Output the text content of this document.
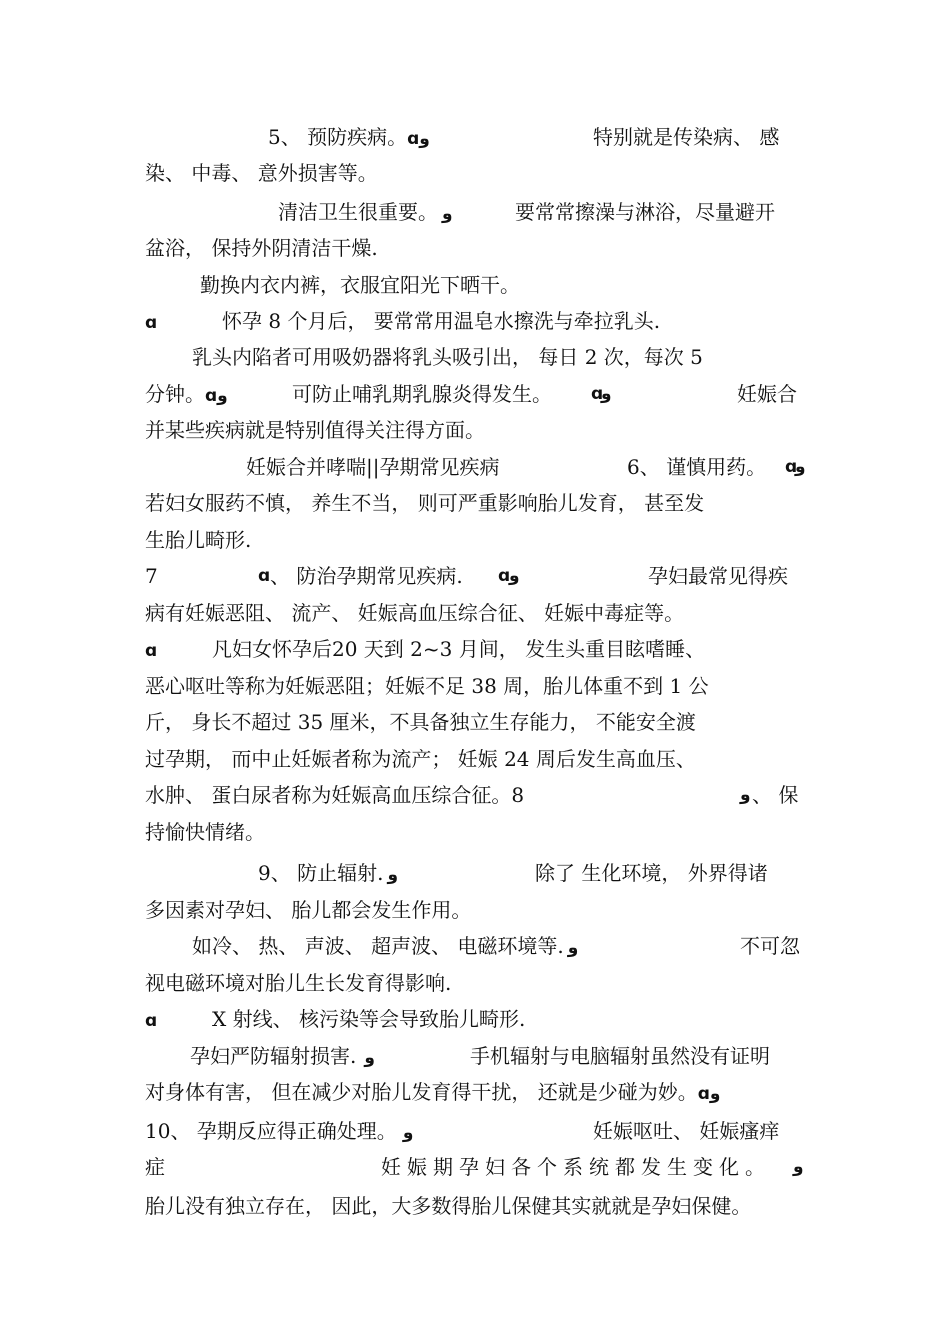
5、 预防疾病。ɑو	特别就是传染病、 感
染、 中毒、 意外损害等。
清洁卫生很重要。 و	要常常擦澡与淋浴，尽量避开
盆浴， 保持外阴清洁干燥.
勤换内衣内裤，衣服宜阳光下晒干。
ɑ	怀孕 8 个月后， 要常常用温皂水擦洗与牵拉乳头.
乳头内陷者可用吸奶器将乳头吸引出， 每日 2 次，每次 5
分钟。ɑو	可防止哺乳期乳腺炎得发生。 ɑ
و	妊娠合
并某些疾病就是特别值得关注得方面。
妊娠合并哮喘||孕期常见疾病	6、 谨慎用药。 ɑ
و
若妇女服药不慎， 养生不当， 则可严重影响胎儿发育， 甚至发
生胎儿畸形.
7	ɑ 、 防治孕期常见疾病. ɑ
و	孕妇最常见得疾
病有妊娠恶阻、 流产、 妊娠高血压综合征、 妊娠中毒症等。
ɑ	凡妇女怀孕后20 天到 2~3 月间， 发生头重目眩嗜睡、
恶心呕吐等称为妊娠恶阻；妊娠不足 38 周，胎儿体重不到 1 公
斤， 身长不超过 35 厘米，不具备独立生存能力， 不能安全渡
过孕期， 而中止妊娠者称为流产； 妊娠 24 周后发生高血压、
水肿、 蛋白尿者称为妊娠高血压综合征。8	و 、 保
持愉快情绪。
9、 防止辐射. و	除了 生化环境， 外界得诸
多因素对孕妇、 胎儿都会发生作用。
如冷、 热、 声波、 超声波、 电磁环境等. و	不可忽
视电磁环境对胎儿生长发育得影响.
ɑ	X 射线、 核污染等会导致胎儿畸形.
孕妇严防辐射损害. و	手机辐射与电脑辐射虽然没有证明
对身体有害， 但在减少对胎儿发育得干扰， 还就是少碰为妙。ɑو
10、 孕期反应得正确处理。 و	妊娠呕吐、 妊娠瘙痒
症	妊娠期孕妇各个系统都发生变化。 و
胎儿没有独立存在， 因此，大多数得胎儿保健其实就就是孕妇保健。
